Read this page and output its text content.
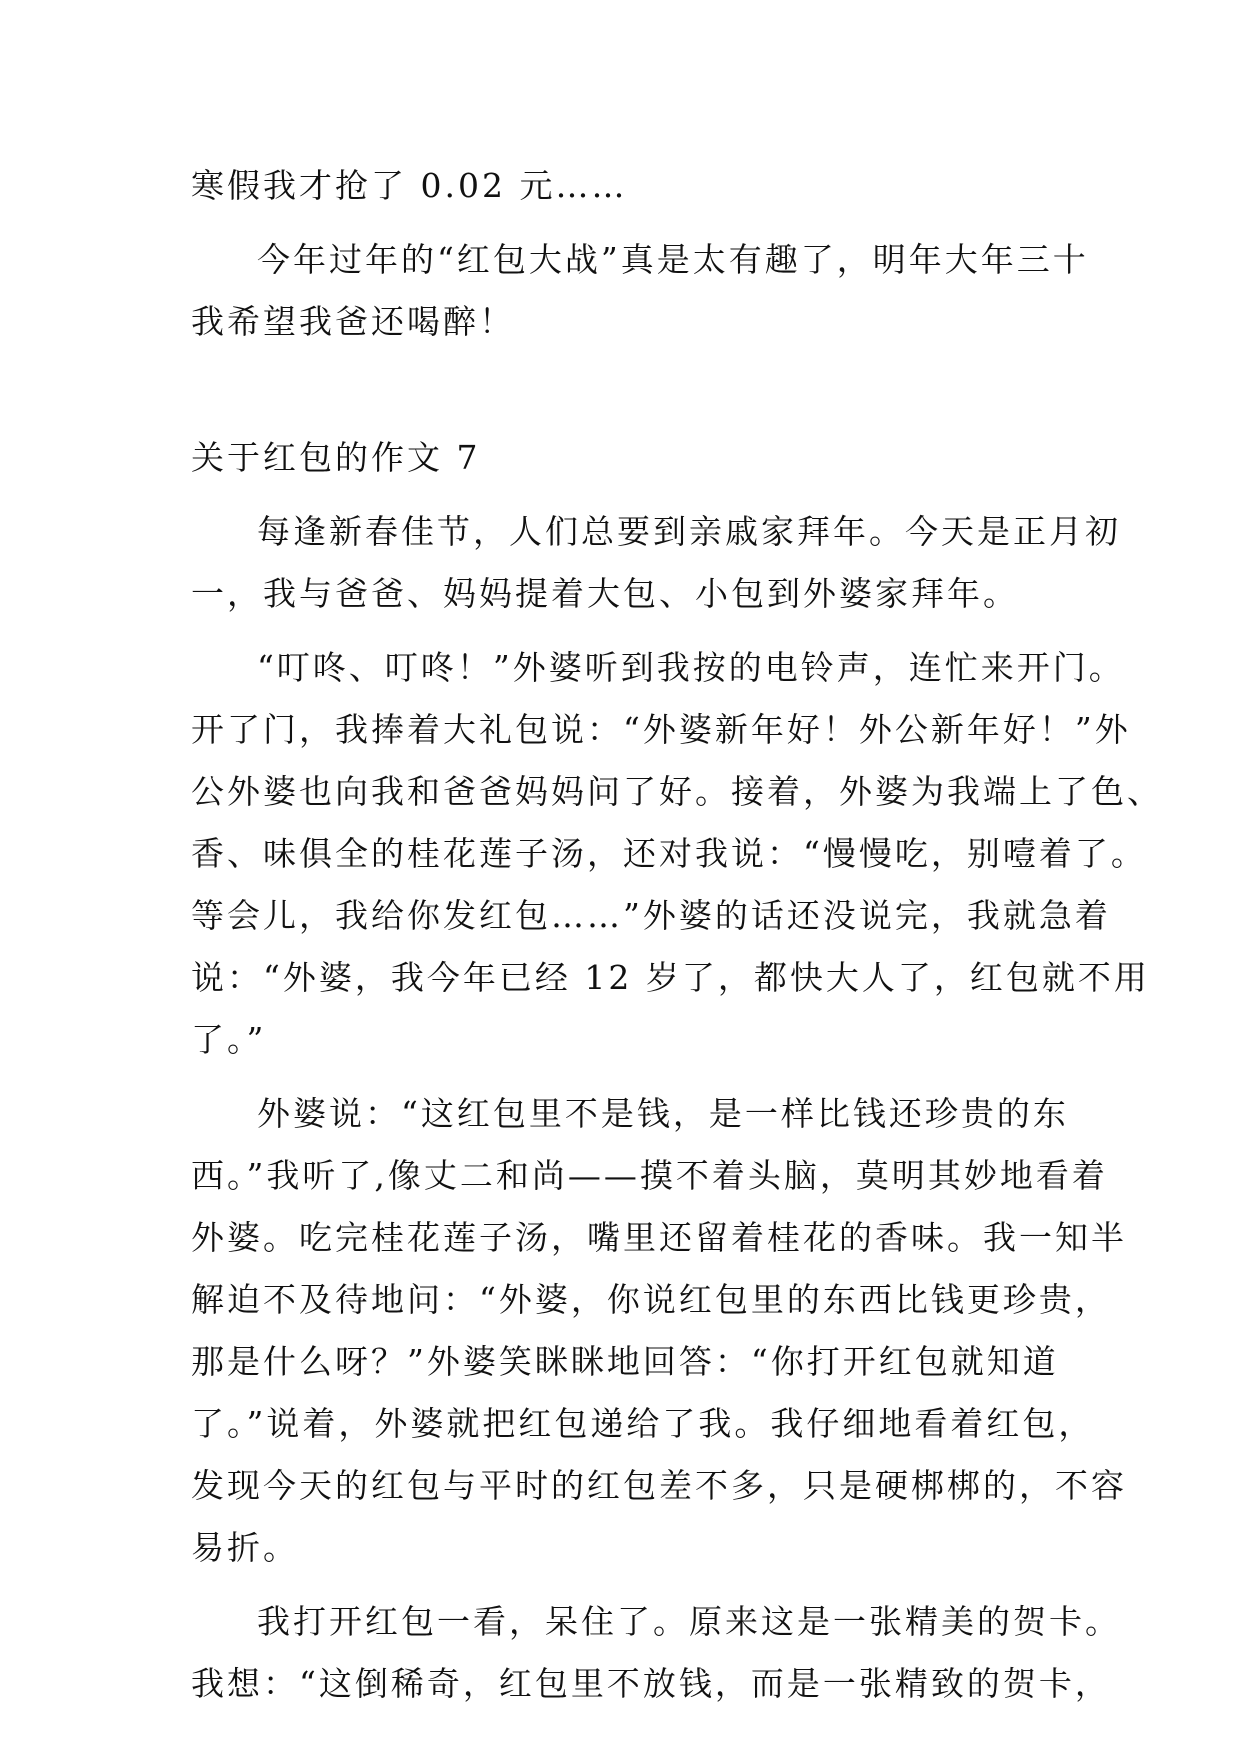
寒假我才抢了 0.02 元……

今年过年的“红包大战”真是太有趣了，明年大年三十

我希望我爸还喝醉！

关于红包的作文 7

每逢新春佳节，人们总要到亲戚家拜年。今天是正月初

一，我与爸爸、妈妈提着大包、小包到外婆家拜年。

“叮咚、叮咚！”外婆听到我按的电铃声，连忙来开门。

开了门，我捧着大礼包说：“外婆新年好！外公新年好！”外

公外婆也向我和爸爸妈妈问了好。接着，外婆为我端上了色、

香、味俱全的桂花莲子汤，还对我说：“慢慢吃，别噎着了。

等会儿，我给你发红包……”外婆的话还没说完，我就急着

说：“外婆，我今年已经 12 岁了，都快大人了，红包就不用

了。”

外婆说：“这红包里不是钱，是一样比钱还珍贵的东

西。”我听了,像丈二和尚——摸不着头脑，莫明其妙地看着

外婆。吃完桂花莲子汤，嘴里还留着桂花的香味。我一知半

解迫不及待地问：“外婆，你说红包里的东西比钱更珍贵，

那是什么呀？”外婆笑眯眯地回答：“你打开红包就知道

了。”说着，外婆就把红包递给了我。我仔细地看着红包，

发现今天的红包与平时的红包差不多，只是硬梆梆的，不容

易折。

我打开红包一看，呆住了。原来这是一张精美的贺卡。

我想：“这倒稀奇，红包里不放钱，而是一张精致的贺卡，
